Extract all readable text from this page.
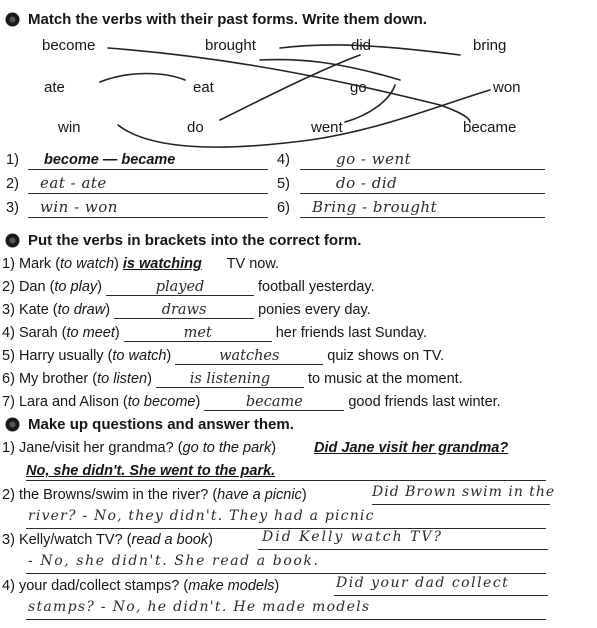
Match the verbs with their past forms. Write them down.
become	brought	did	bring
ate	eat	go	won
win	do	went	became
1) become — became
2) eat - ate
3) win - won
4)	go - went
5)	do - did
6) Bring - brought
Put the verbs in brackets into the correct form.
1) Mark (to watch) is watching TV now.
2) Dan (to play)	played	football yesterday.
3) Kate (to draw)	draws	ponies every day.
4) Sarah (to meet)	met	her friends last Sunday.
5) Harry usually (to watch)	watches	quiz shows on TV.
6) My brother (to listen) is listening to music at the moment.
7) Lara and Alison (to become)	became	good friends last winter.
Make up questions and answer them.
1) Jane/visit her grandma? (go to the park)	Did Jane visit her grandma?
No, she didn't. She went to the park.
2) the Browns/swim in the river? (have a picnic)	Did Brown swim in the
river? - No, they didn't. They had a picnic
3) Kelly/watch TV? (read a book)	Did Kelly watch TV?
- No, she didn't. She read a book.
4) your dad/collect stamps? (make models)	Did your dad collect
stamps? - No, he didn't. He made models
